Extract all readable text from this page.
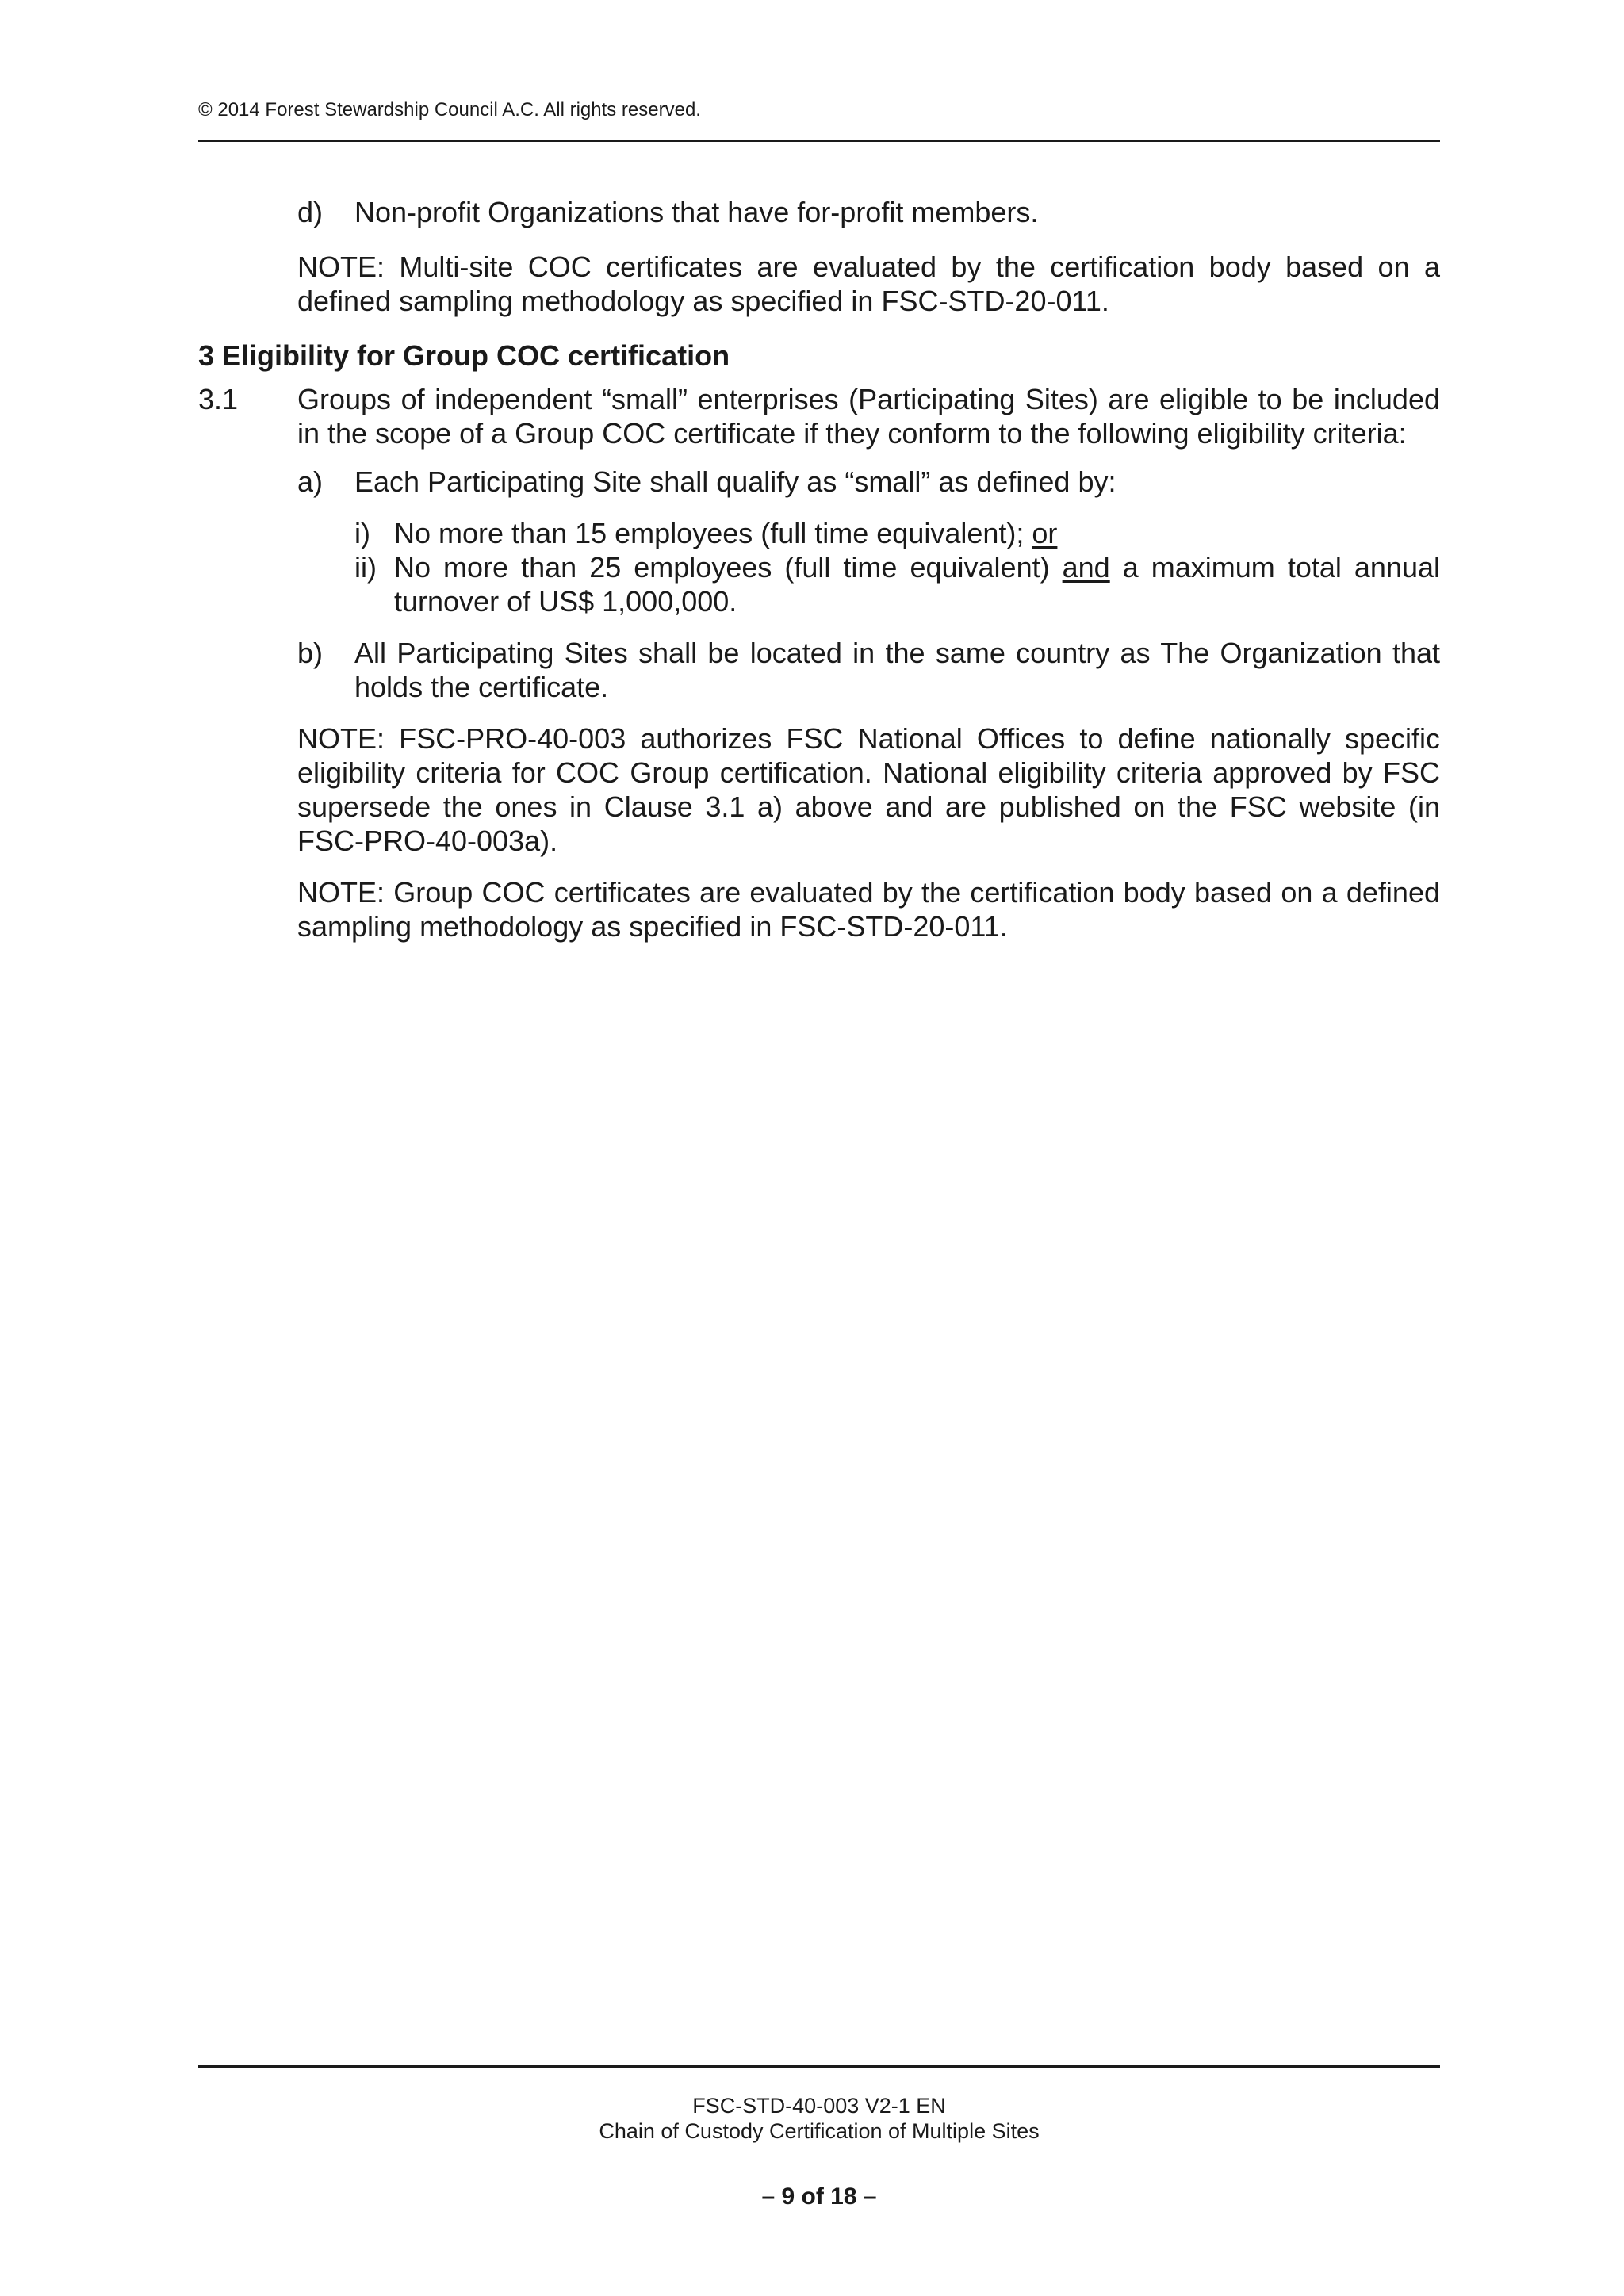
© 2014 Forest Stewardship Council A.C. All rights reserved.
d) Non-profit Organizations that have for-profit members.

NOTE: Multi-site COC certificates are evaluated by the certification body based on a defined sampling methodology as specified in FSC-STD-20-011.

3 Eligibility for Group COC certification
3.1 Groups of independent “small” enterprises (Participating Sites) are eligible to be included in the scope of a Group COC certificate if they conform to the following eligibility criteria:
a) Each Participating Site shall qualify as “small” as defined by:
i) No more than 15 employees (full time equivalent); or
ii) No more than 25 employees (full time equivalent) and a maximum total annual turnover of US$ 1,000,000.
b) All Participating Sites shall be located in the same country as The Organization that holds the certificate.

NOTE: FSC-PRO-40-003 authorizes FSC National Offices to define nationally specific eligibility criteria for COC Group certification. National eligibility criteria approved by FSC supersede the ones in Clause 3.1 a) above and are published on the FSC website (in FSC-PRO-40-003a).

NOTE: Group COC certificates are evaluated by the certification body based on a defined sampling methodology as specified in FSC-STD-20-011.

FSC-STD-40-003 V2-1 EN
Chain of Custody Certification of Multiple Sites
– 9 of 18 –
